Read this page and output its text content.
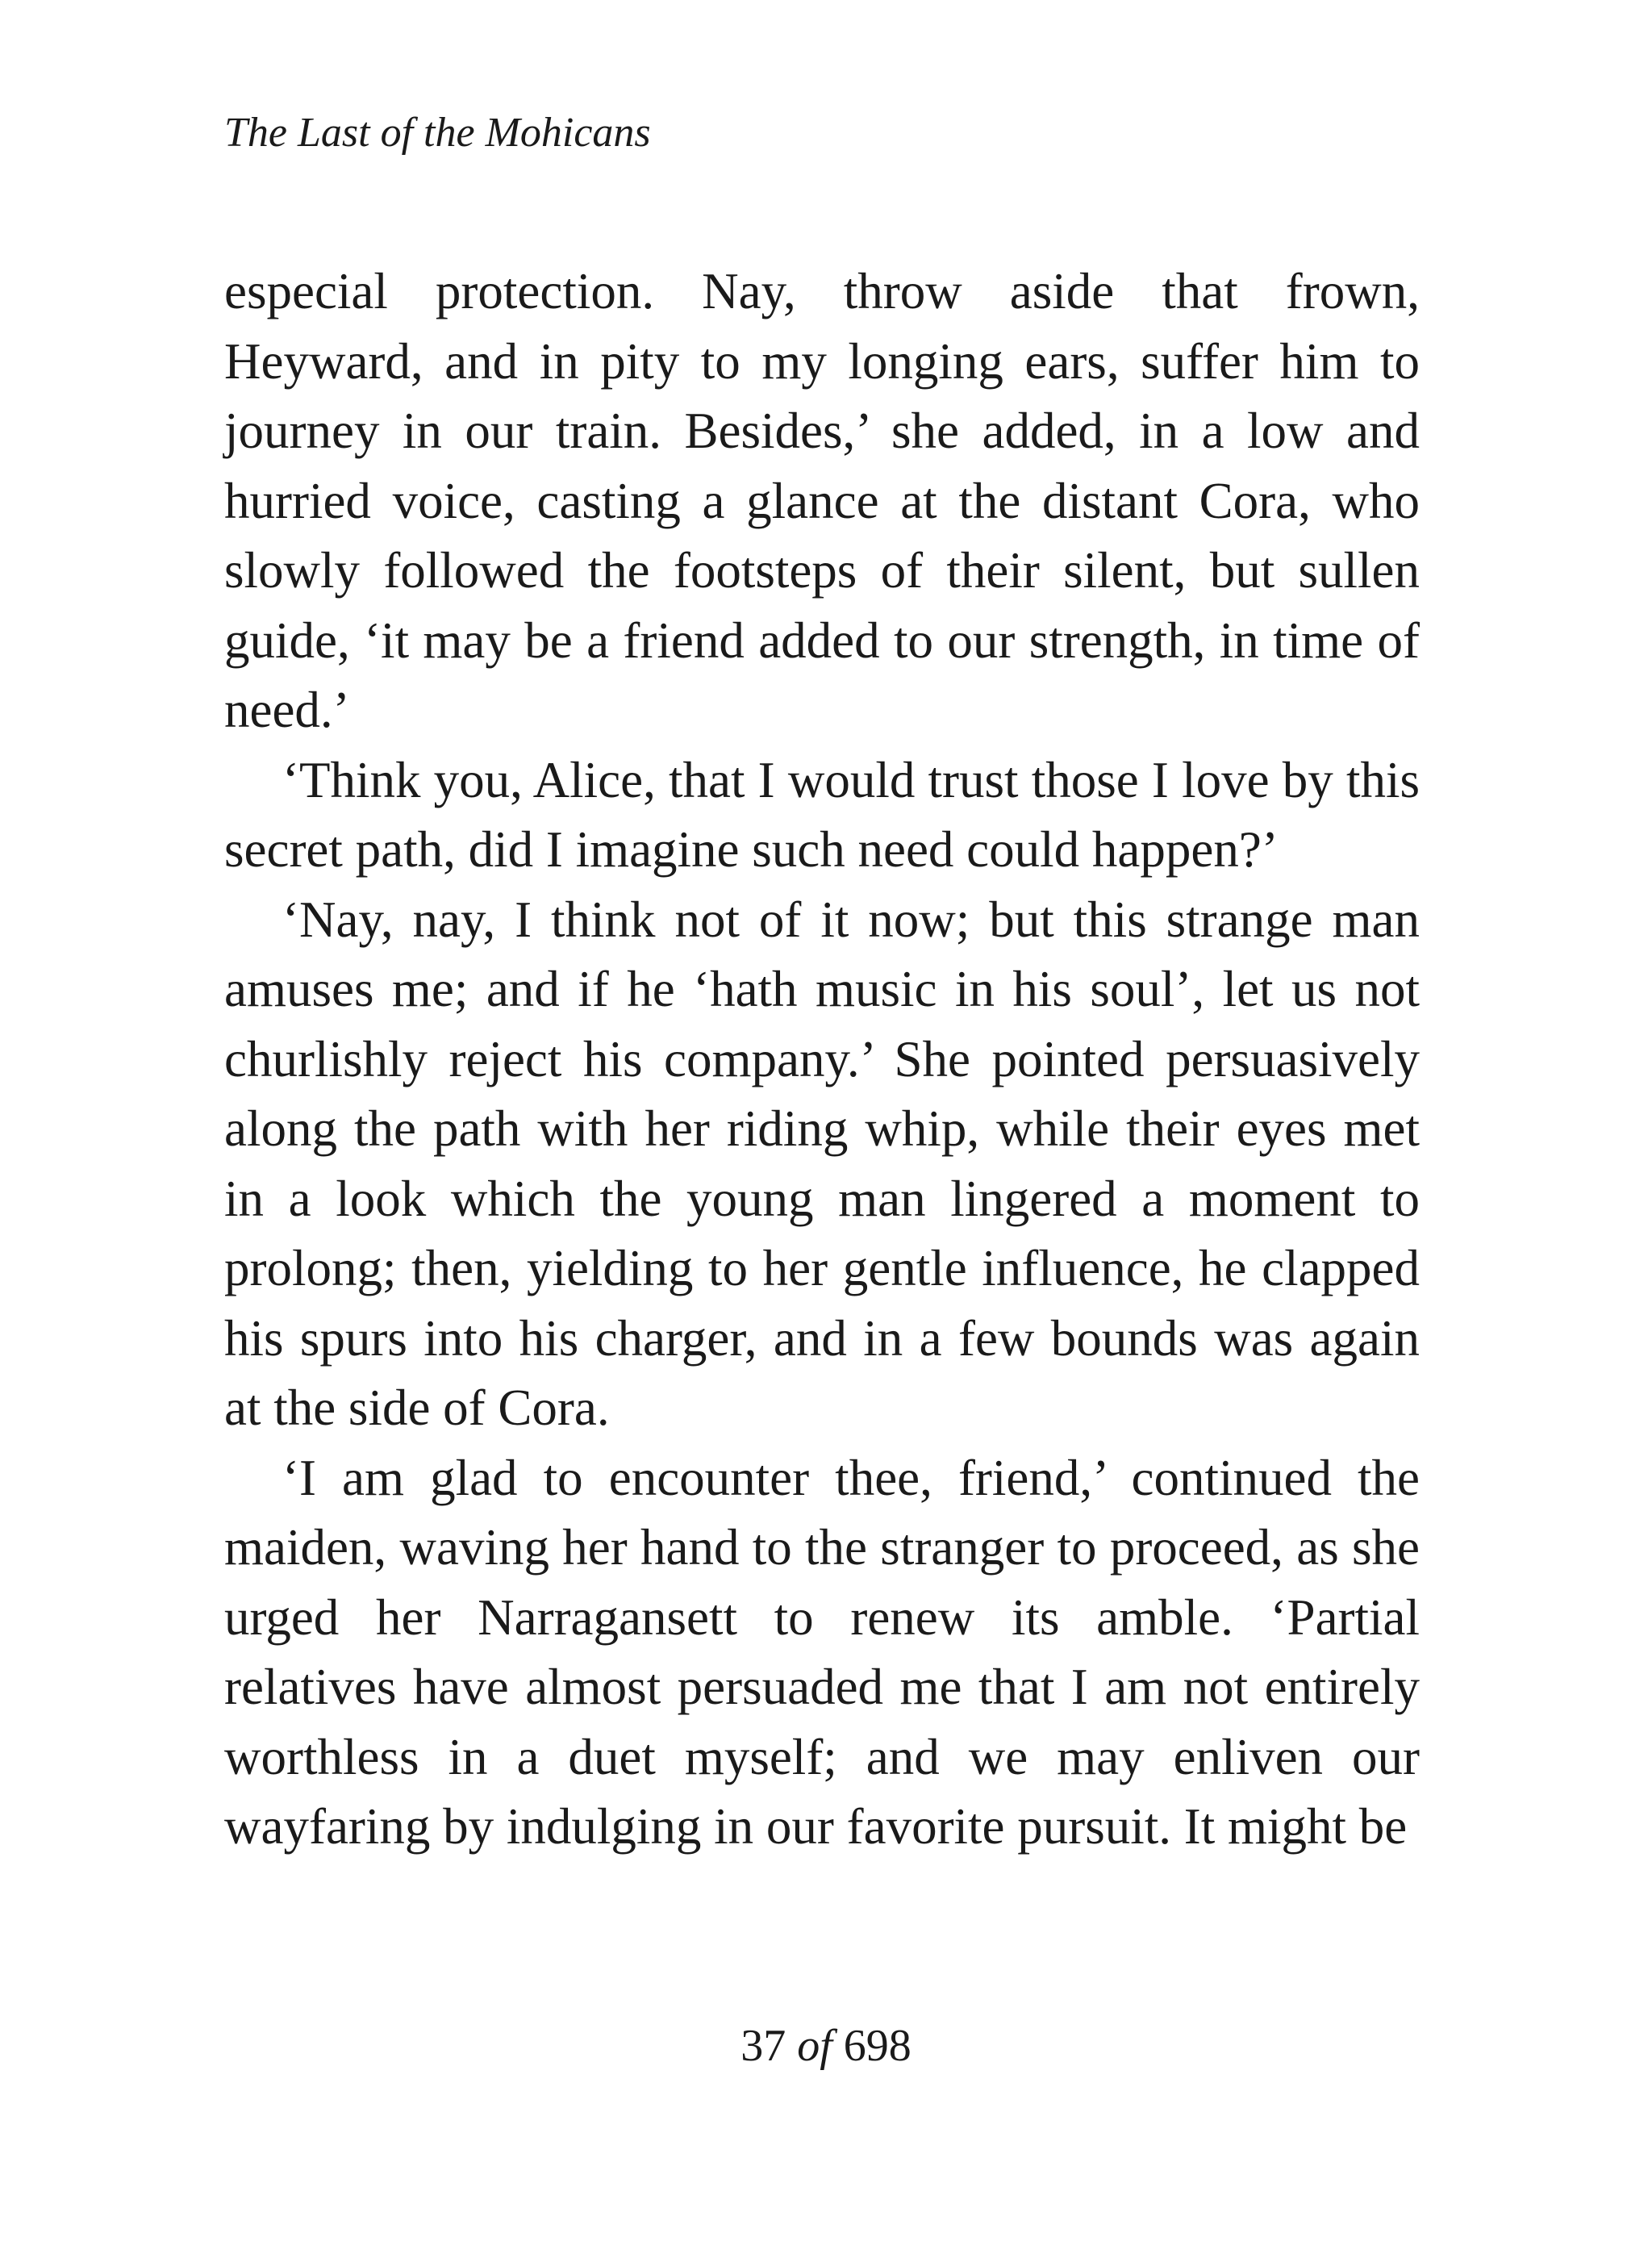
The Last of the Mohicans

especial protection. Nay, throw aside that frown, Heyward, and in pity to my longing ears, suffer him to journey in our train. Besides,’ she added, in a low and hurried voice, casting a glance at the distant Cora, who slowly followed the footsteps of their silent, but sullen guide, ‘it may be a friend added to our strength, in time of need.’

‘Think you, Alice, that I would trust those I love by this secret path, did I imagine such need could happen?’

‘Nay, nay, I think not of it now; but this strange man amuses me; and if he ‘hath music in his soul’, let us not churlishly reject his company.’ She pointed persuasively along the path with her riding whip, while their eyes met in a look which the young man lingered a moment to prolong; then, yielding to her gentle influence, he clapped his spurs into his charger, and in a few bounds was again at the side of Cora.

‘I am glad to encounter thee, friend,’ continued the maiden, waving her hand to the stranger to proceed, as she urged her Narragansett to renew its amble. ‘Partial relatives have almost persuaded me that I am not entirely worthless in a duet myself; and we may enliven our wayfaring by indulging in our favorite pursuit. It might be

37 of 698
